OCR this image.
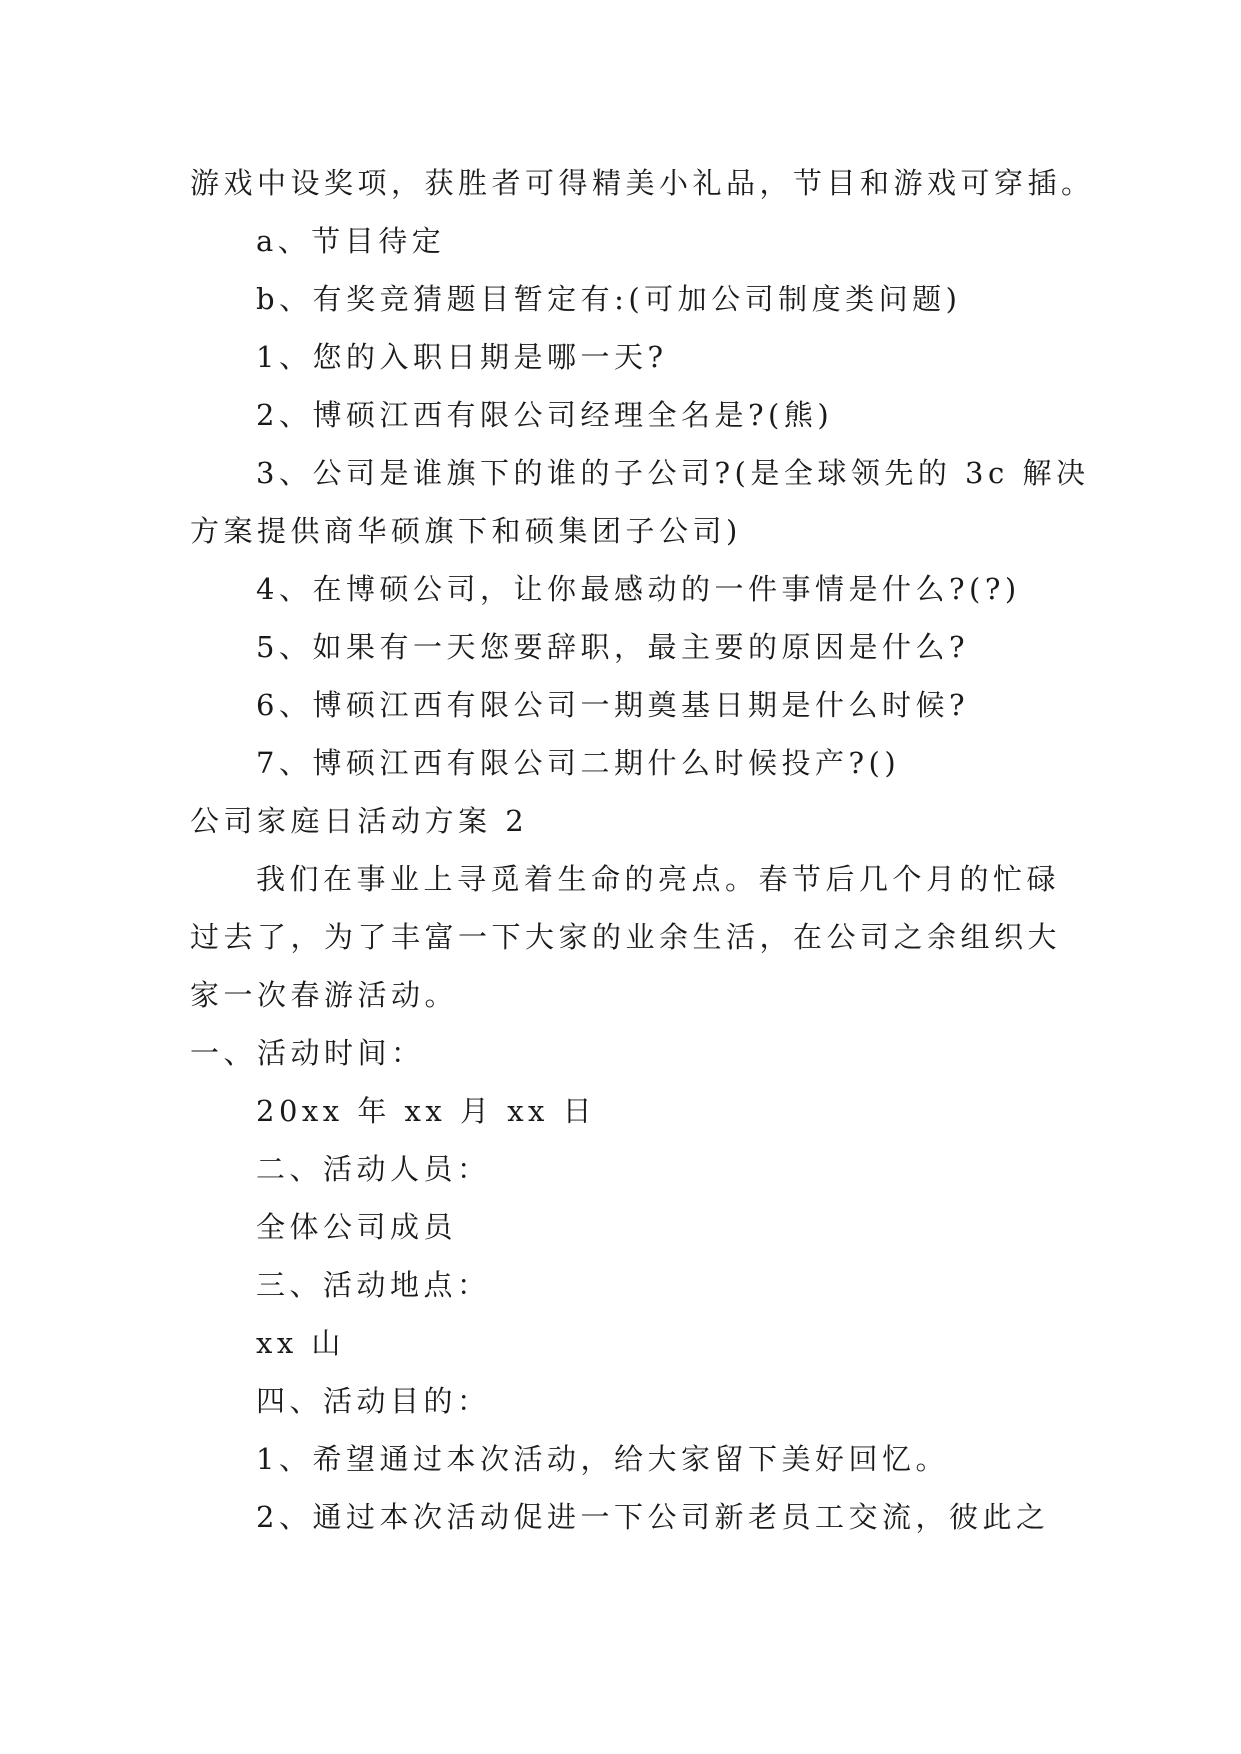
游戏中设奖项，获胜者可得精美小礼品，节目和游戏可穿插。
a、节目待定
b、有奖竞猜题目暂定有:(可加公司制度类问题)
1、您的入职日期是哪一天?
2、博硕江西有限公司经理全名是?(熊)
3、公司是谁旗下的谁的子公司?(是全球领先的 3c 解决
方案提供商华硕旗下和硕集团子公司)
4、在博硕公司，让你最感动的一件事情是什么?(?)
5、如果有一天您要辞职，最主要的原因是什么?
6、博硕江西有限公司一期奠基日期是什么时候?
7、博硕江西有限公司二期什么时候投产?()
公司家庭日活动方案 2
我们在事业上寻觅着生命的亮点。春节后几个月的忙碌
过去了，为了丰富一下大家的业余生活，在公司之余组织大
家一次春游活动。
一、活动时间：
20xx 年 xx 月 xx 日
二、活动人员：
全体公司成员
三、活动地点：
xx 山
四、活动目的：
1、希望通过本次活动，给大家留下美好回忆。
2、通过本次活动促进一下公司新老员工交流，彼此之
